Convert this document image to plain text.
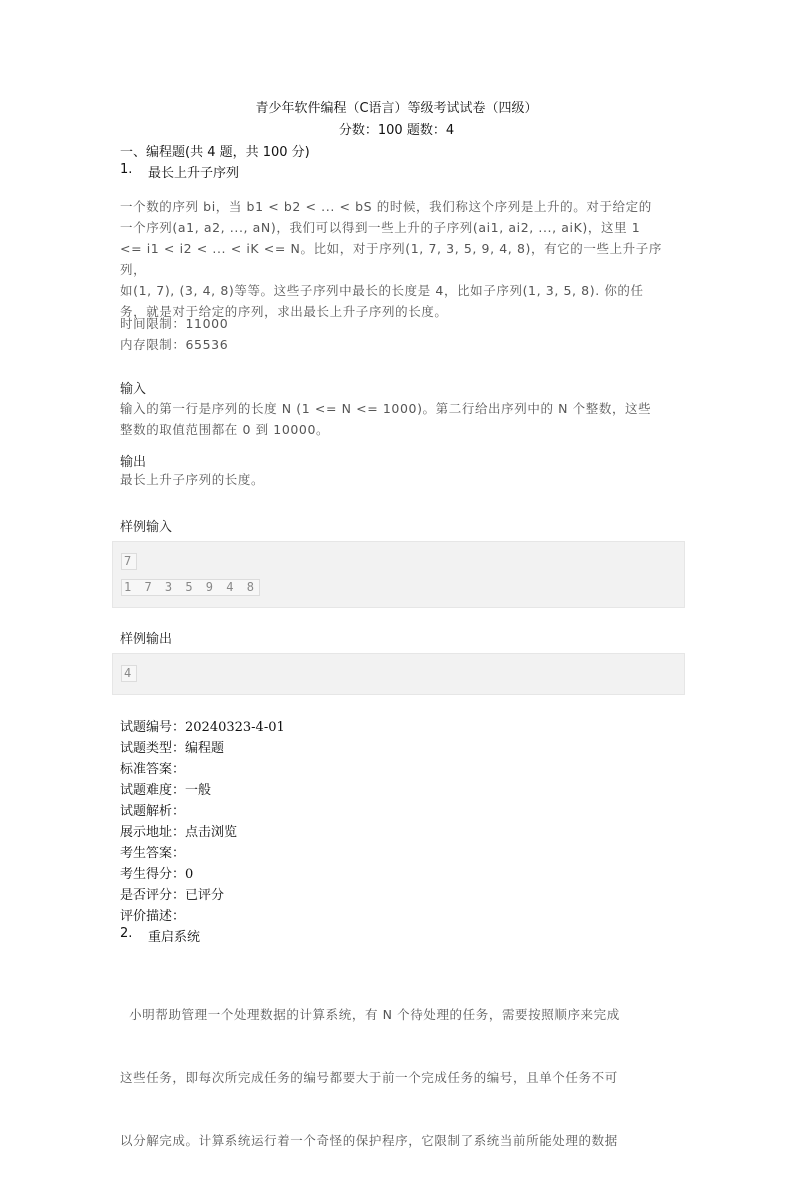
青少年软件编程（C语言）等级考试试卷（四级）
分数：100 题数：4
一、编程题(共 4 题，共 100 分)
1. 最长上升子序列

一个数的序列 bi，当 b1 < b2 < ... < bS 的时候，我们称这个序列是上升的。对于给定的

一个序列(a1, a2, ..., aN)，我们可以得到一些上升的子序列(ai1, ai2, ..., aiK)，这里 1

<= i1 < i2 < ... < iK <= N。比如，对于序列(1, 7, 3, 5, 9, 4, 8)，有它的一些上升子序列，

如(1, 7), (3, 4, 8)等等。这些子序列中最长的长度是 4，比如子序列(1, 3, 5, 8). 你的任

务，就是对于给定的序列，求出最长上升子序列的长度。

时间限制：11000

内存限制：65536

输入

输入的第一行是序列的长度 N (1 <= N <= 1000)。第二行给出序列中的 N 个整数，这些

整数的取值范围都在 0 到 10000。

输出

最长上升子序列的长度。

样例输入
7
1 7 3 5 9 4 8
样例输出
4
试题编号：20240323-4-01
试题类型：编程题
标准答案：
试题难度：一般
试题解析：
展示地址：点击浏览
考生答案：
考生得分：0
是否评分：已评分
评价描述：
2. 重启系统

小明帮助管理一个处理数据的计算系统，有 N 个待处理的任务，需要按照顺序来完成

这些任务，即每次所完成任务的编号都要大于前一个完成任务的编号，且单个任务不可

以分解完成。计算系统运行着一个奇怪的保护程序，它限制了系统当前所能处理的数据
